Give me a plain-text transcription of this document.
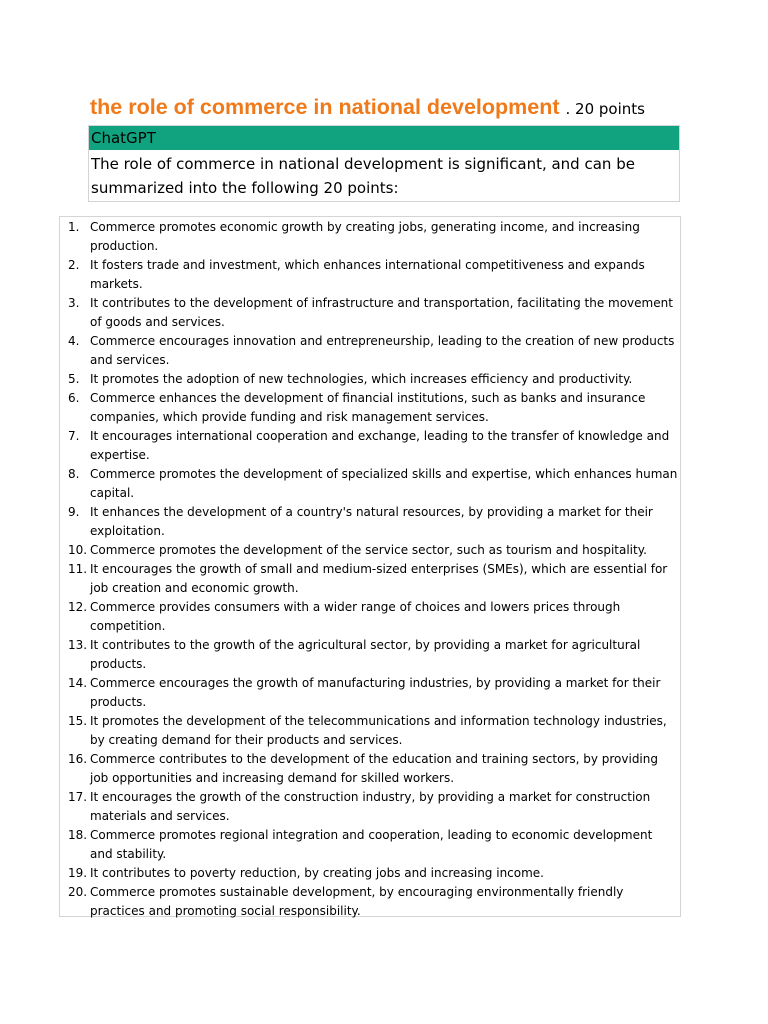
the role of commerce in national development . 20 points
ChatGPT
The role of commerce in national development is significant, and can be summarized into the following 20 points:
1. Commerce promotes economic growth by creating jobs, generating income, and increasing production.
2. It fosters trade and investment, which enhances international competitiveness and expands markets.
3. It contributes to the development of infrastructure and transportation, facilitating the movement of goods and services.
4. Commerce encourages innovation and entrepreneurship, leading to the creation of new products and services.
5. It promotes the adoption of new technologies, which increases efficiency and productivity.
6. Commerce enhances the development of financial institutions, such as banks and insurance companies, which provide funding and risk management services.
7. It encourages international cooperation and exchange, leading to the transfer of knowledge and expertise.
8. Commerce promotes the development of specialized skills and expertise, which enhances human capital.
9. It enhances the development of a country's natural resources, by providing a market for their exploitation.
10. Commerce promotes the development of the service sector, such as tourism and hospitality.
11. It encourages the growth of small and medium-sized enterprises (SMEs), which are essential for job creation and economic growth.
12. Commerce provides consumers with a wider range of choices and lowers prices through competition.
13. It contributes to the growth of the agricultural sector, by providing a market for agricultural products.
14. Commerce encourages the growth of manufacturing industries, by providing a market for their products.
15. It promotes the development of the telecommunications and information technology industries, by creating demand for their products and services.
16. Commerce contributes to the development of the education and training sectors, by providing job opportunities and increasing demand for skilled workers.
17. It encourages the growth of the construction industry, by providing a market for construction materials and services.
18. Commerce promotes regional integration and cooperation, leading to economic development and stability.
19. It contributes to poverty reduction, by creating jobs and increasing income.
20. Commerce promotes sustainable development, by encouraging environmentally friendly practices and promoting social responsibility.
